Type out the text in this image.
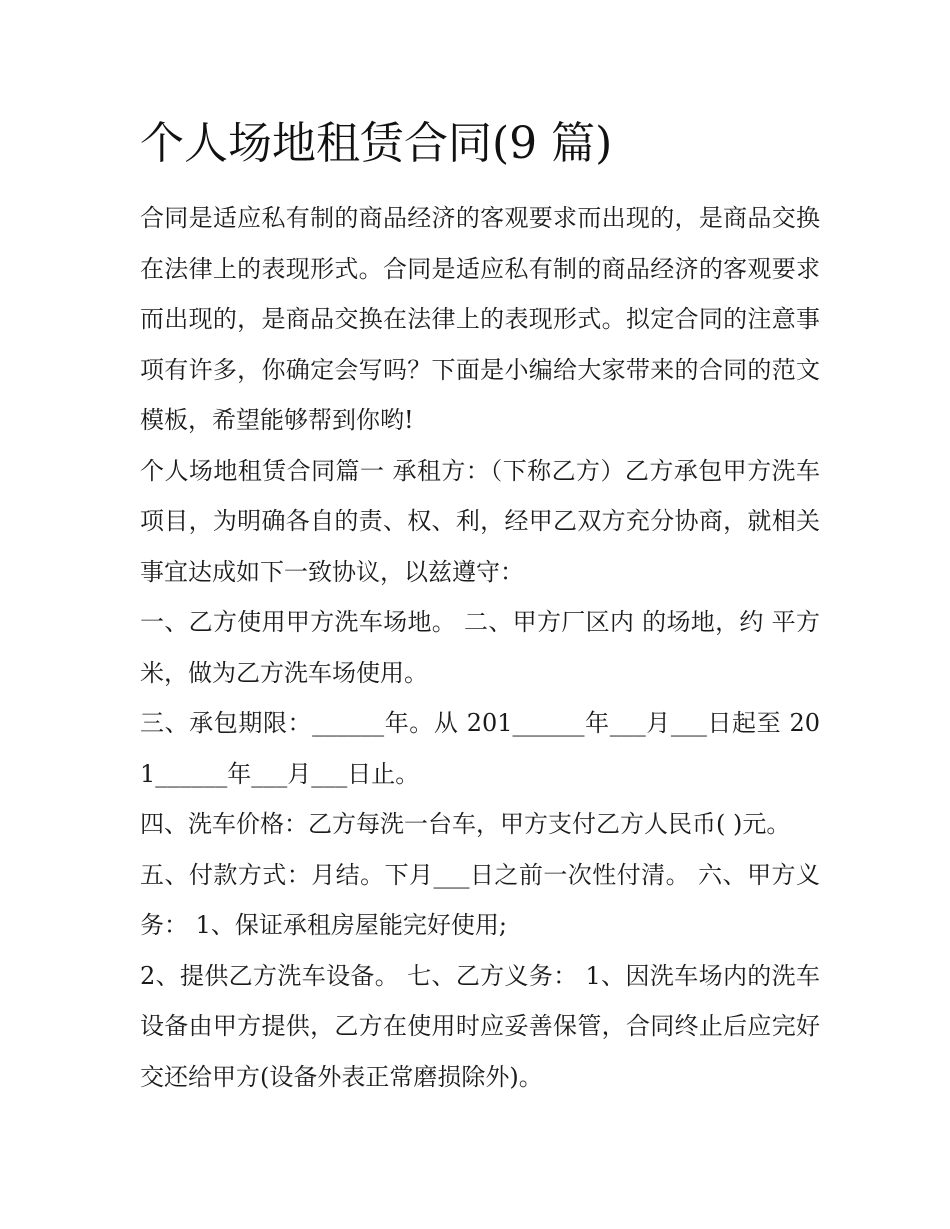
个人场地租赁合同(9 篇)

合同是适应私有制的商品经济的客观要求而出现的，是商品交换在法律上的表现形式。合同是适应私有制的商品经济的客观要求而出现的，是商品交换在法律上的表现形式。拟定合同的注意事项有许多，你确定会写吗？下面是小编给大家带来的合同的范文模板，希望能够帮到你哟!

个人场地租赁合同篇一 承租方：（下称乙方）乙方承包甲方洗车项目，为明确各自的责、权、利，经甲乙双方充分协商，就相关事宜达成如下一致协议，以兹遵守：

一、乙方使用甲方洗车场地。 二、甲方厂区内 的场地，约 平方米，做为乙方洗车场使用。

三、承包期限：______年。从 201______年___月___日起至 201______年___月___日止。

四、洗车价格：乙方每洗一台车，甲方支付乙方人民币( )元。

五、付款方式：月结。下月___日之前一次性付清。 六、甲方义务： 1、保证承租房屋能完好使用;

2、提供乙方洗车设备。 七、乙方义务： 1、因洗车场内的洗车设备由甲方提供，乙方在使用时应妥善保管，合同终止后应完好交还给甲方(设备外表正常磨损除外)。
